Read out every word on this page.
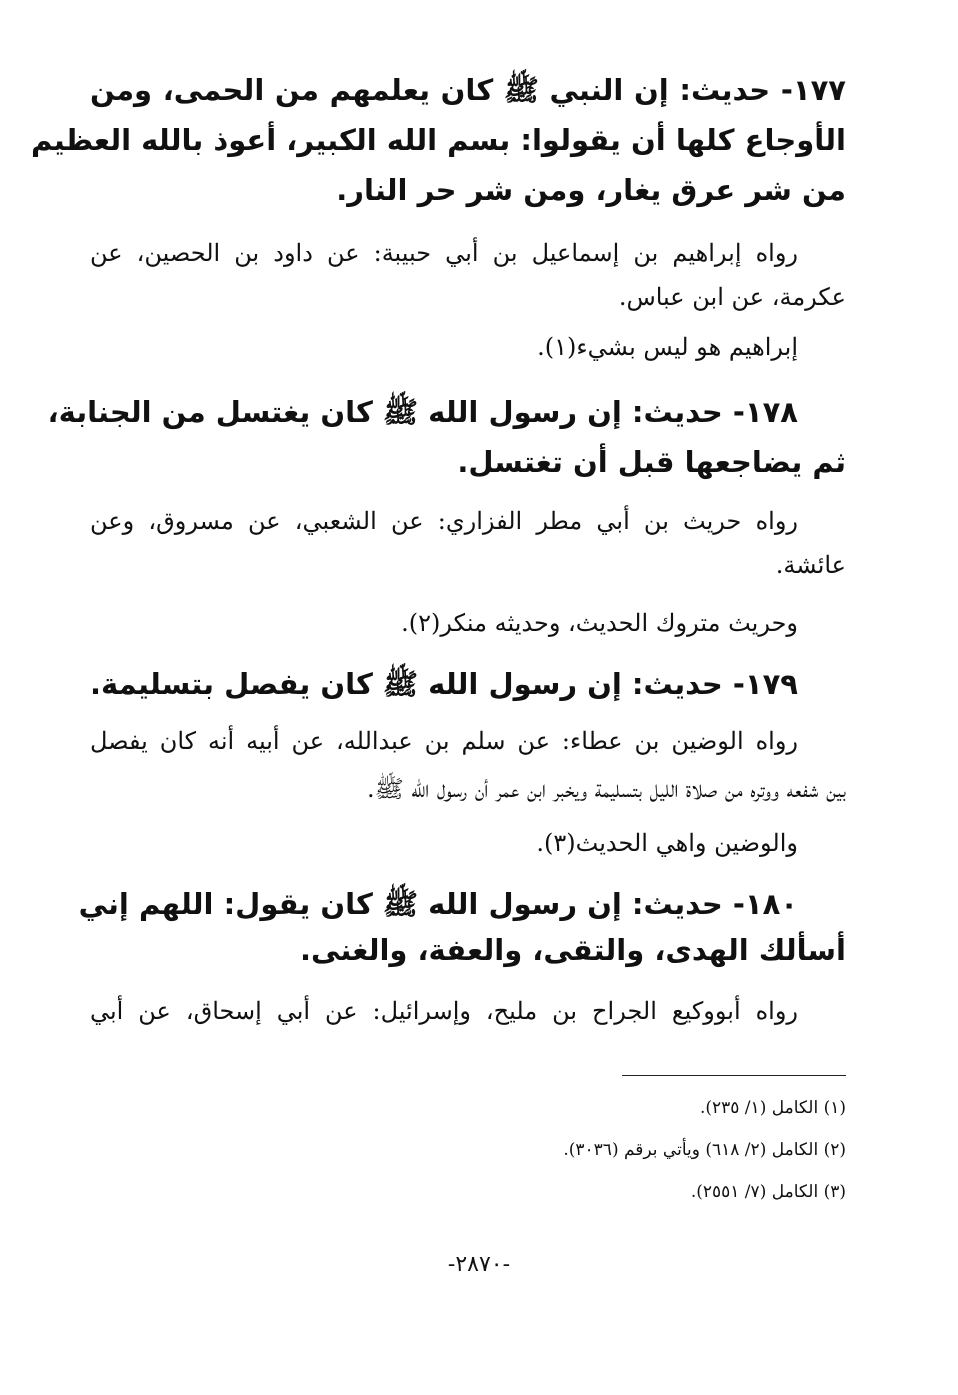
١٧٧- حديث: إن النبي ﷺ كان يعلمهم من الحمى، ومن
الأوجاع كلها أن يقولوا: بسم الله الكبير، أعوذ بالله العظيم
من شر عرق يغار، ومن شر حر النار.
رواه إبراهيم بن إسماعيل بن أبي حبيبة: عن داود بن الحصين، عن
عكرمة، عن ابن عباس.
إبراهيم هو ليس بشيء(١).
١٧٨- حديث: إن رسول الله ﷺ كان يغتسل من الجنابة،
ثم يضاجعها قبل أن تغتسل.
رواه حريث بن أبي مطر الفزاري: عن الشعبي، عن مسروق، وعن
عائشة.
وحريث متروك الحديث، وحديثه منكر(٢).
١٧٩- حديث: إن رسول الله ﷺ كان يفصل بتسليمة.
رواه الوضين بن عطاء: عن سلم بن عبدالله، عن أبيه أنه كان يفصل
بين شفعه ووتره من صلاة الليل بتسليمة ويخبر ابن عمر أن رسول الله ﷺ.
والوضين واهي الحديث(٣).
١٨٠- حديث: إن رسول الله ﷺ كان يقول: اللهم إني
أسألك الهدى، والتقى، والعفة، والغنى.
رواه أبووكيع الجراح بن مليح، وإسرائيل: عن أبي إسحاق، عن أبي
(١) الكامل (١/ ٢٣٥).
(٢) الكامل (٢/ ٦١٨) ويأتي برقم (٣٠٣٦).
(٣) الكامل (٧/ ٢٥٥١).
-٢٨٧٠-
